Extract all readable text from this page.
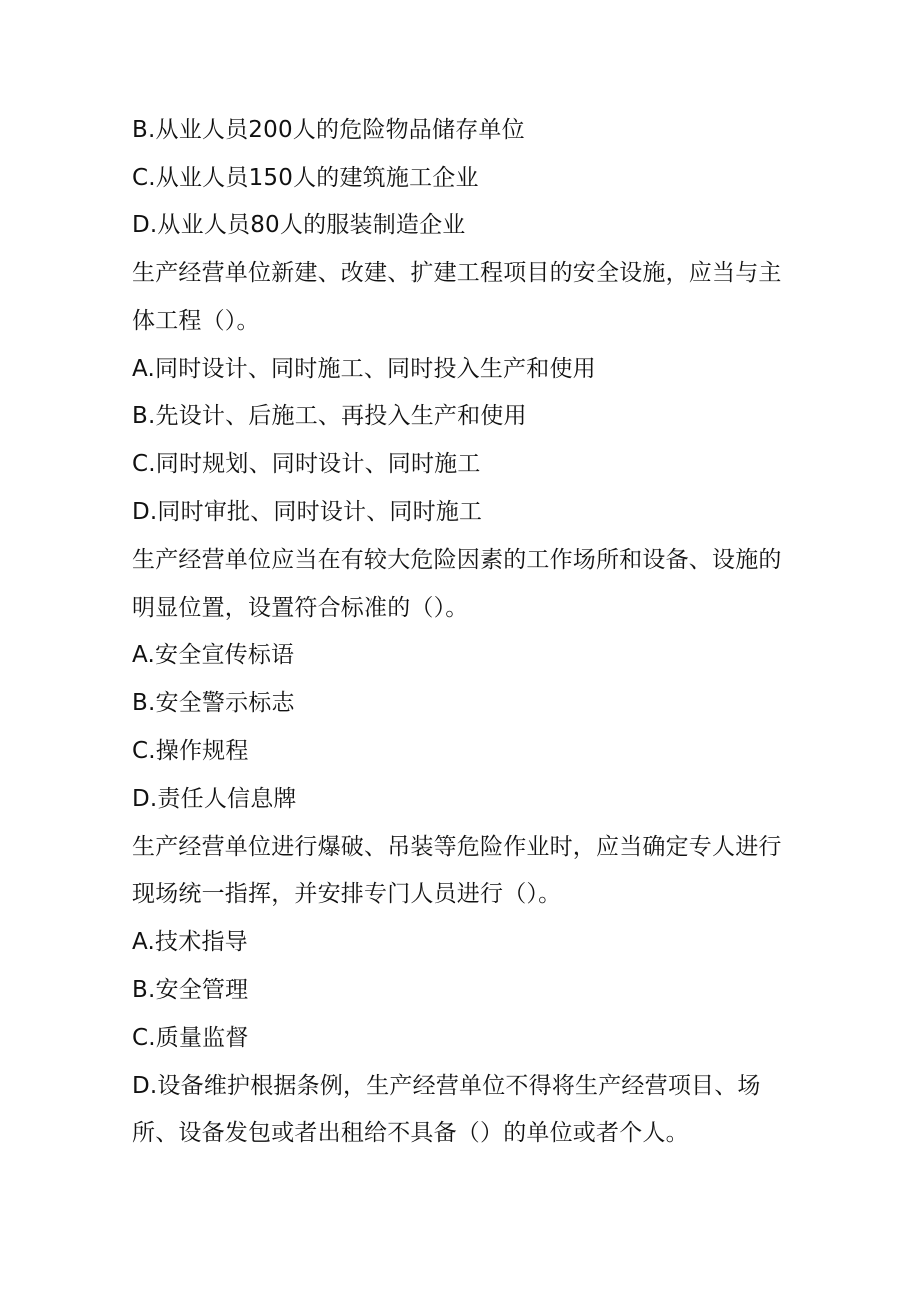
B.从业人员200人的危险物品储存单位
C.从业人员150人的建筑施工企业
D.从业人员80人的服装制造企业
生产经营单位新建、改建、扩建工程项目的安全设施，应当与主
体工程（）。
A.同时设计、同时施工、同时投入生产和使用
B.先设计、后施工、再投入生产和使用
C.同时规划、同时设计、同时施工
D.同时审批、同时设计、同时施工
生产经营单位应当在有较大危险因素的工作场所和设备、设施的
明显位置，设置符合标准的（）。
A.安全宣传标语
B.安全警示标志
C.操作规程
D.责任人信息牌
生产经营单位进行爆破、吊装等危险作业时，应当确定专人进行
现场统一指挥，并安排专门人员进行（）。
A.技术指导
B.安全管理
C.质量监督
D.设备维护根据条例，生产经营单位不得将生产经营项目、场
所、设备发包或者出租给不具备（）的单位或者个人。
